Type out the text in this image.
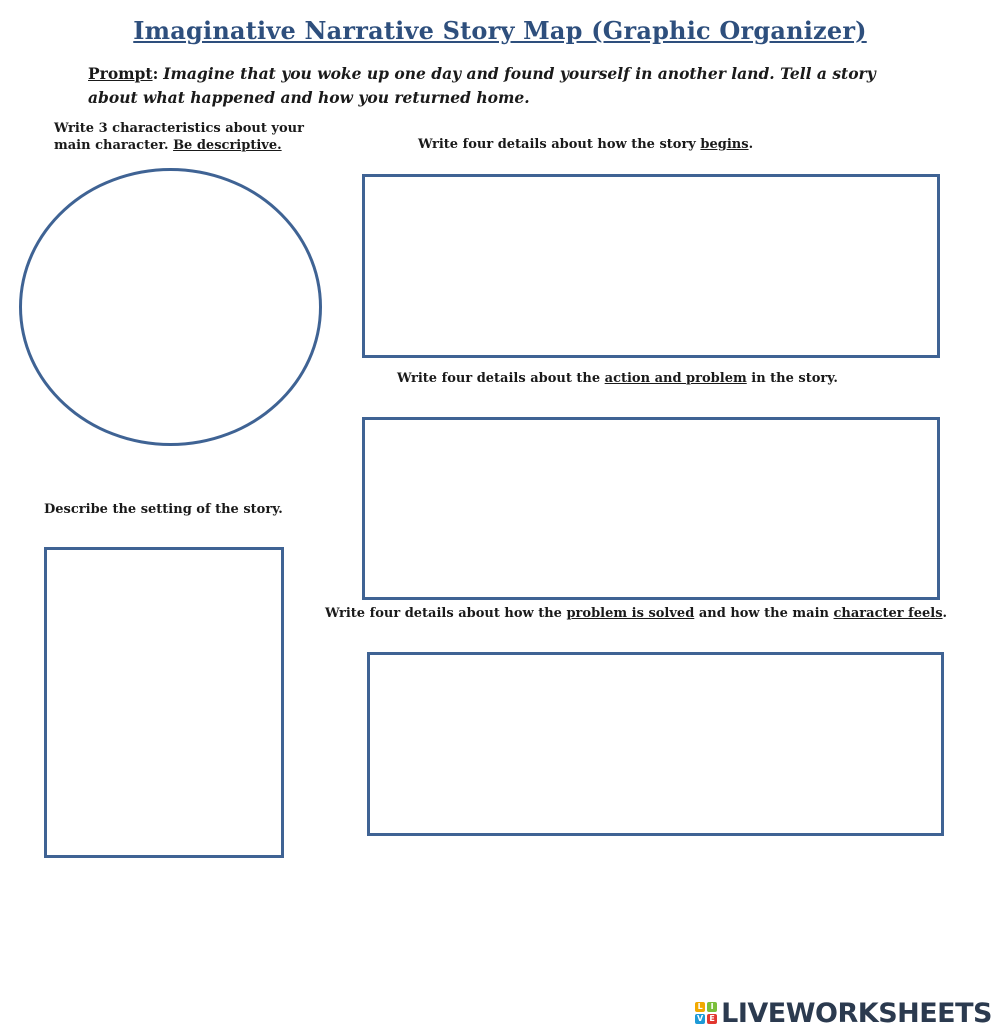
Imaginative Narrative Story Map (Graphic Organizer)
Prompt: Imagine that you woke up one day and found yourself in another land. Tell a story about what happened and how you returned home.
Write 3 characteristics about your
main character. Be descriptive.
Describe the setting of the story.
Write four details about how the story begins.
Write four details about the action and problem in the story.
Write four details about how the problem is solved and how the main character feels.
L I
V E LIVEWORKSHEETS
